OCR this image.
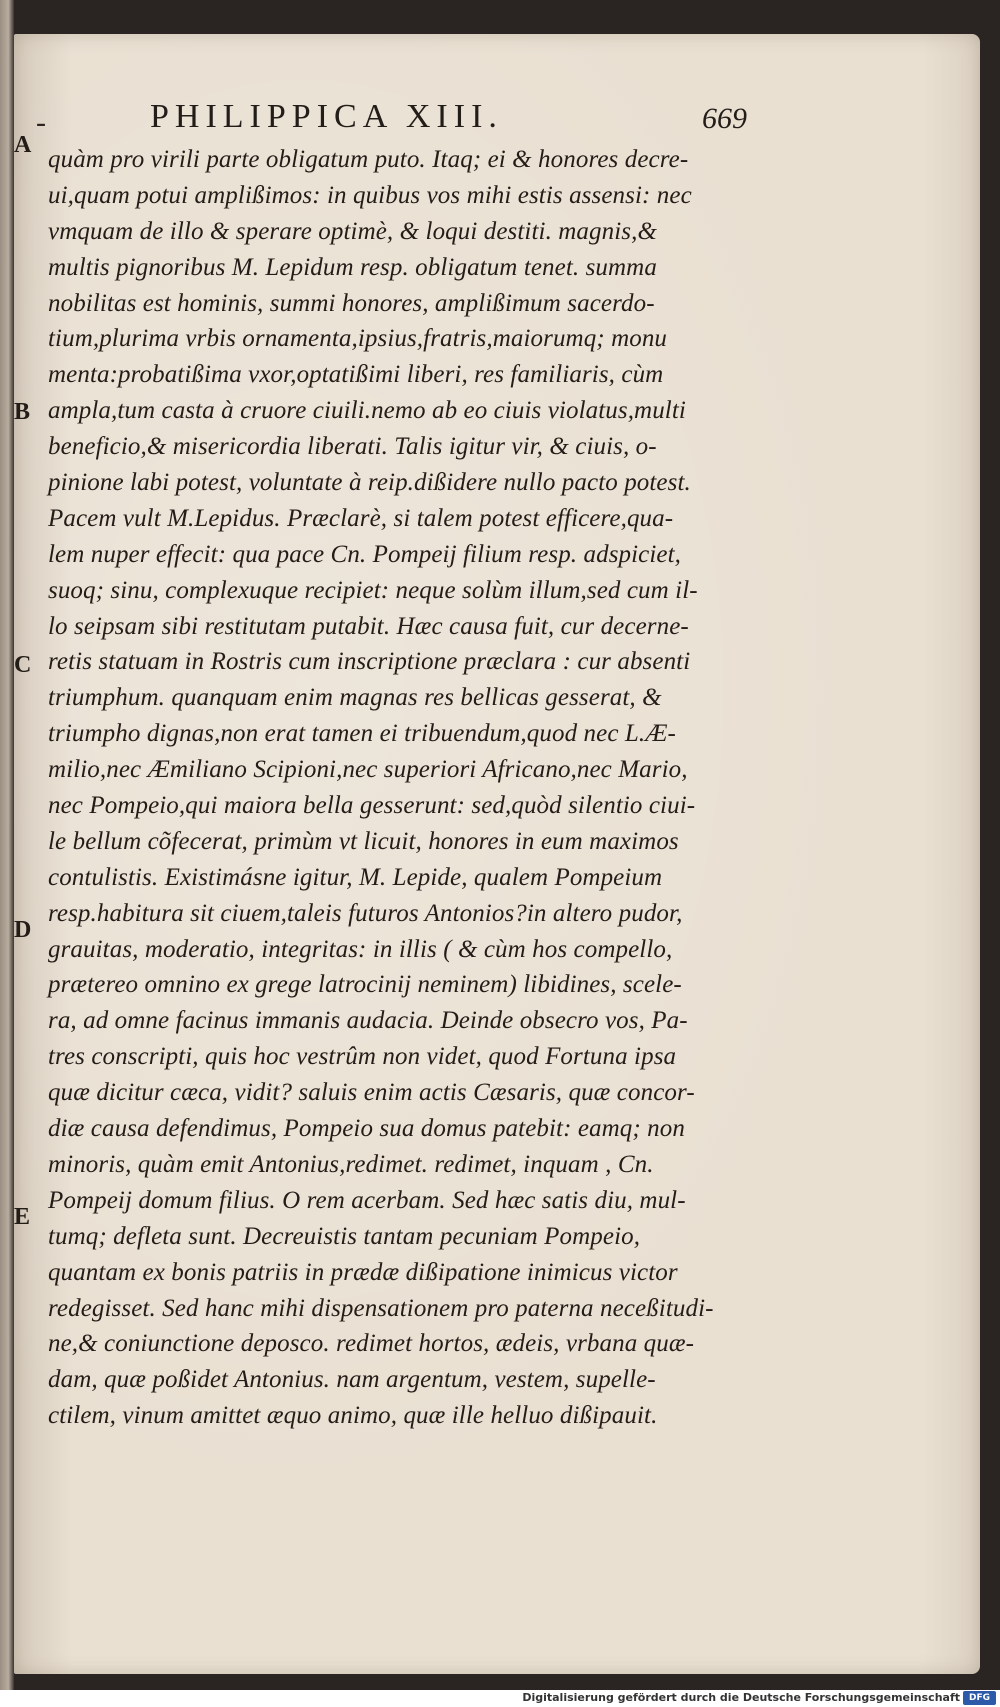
-	PHILIPPICA XIII.	669
A
B
C
D
E
quàm pro virili parte obligatum puto. Itaq; ei & honores decre-
ui,quam potui amplißimos: in quibus vos mihi estis assensi: nec
vmquam de illo & sperare optimè, & loqui destiti. magnis,&
multis pignoribus M. Lepidum resp. obligatum tenet. summa
nobilitas est hominis, summi honores, amplißimum sacerdo-
tium,plurima vrbis ornamenta,ipsius,fratris,maiorumq; monu
menta:probatißima vxor,optatißimi liberi, res familiaris, cùm
ampla,tum casta à cruore ciuili.nemo ab eo ciuis violatus,multi
beneficio,& misericordia liberati. Talis igitur vir, & ciuis, o-
pinione labi potest, voluntate à reip.dißidere nullo pacto potest.
Pacem vult M.Lepidus. Præclarè, si talem potest efficere,qua-
lem nuper effecit: qua pace Cn. Pompeij filium resp. adspiciet,
suoq; sinu, complexuque recipiet: neque solùm illum,sed cum il-
lo seipsam sibi restitutam putabit. Hæc causa fuit, cur decerne-
retis statuam in Rostris cum inscriptione præclara : cur absenti
triumphum. quanquam enim magnas res bellicas gesserat, &
triumpho dignas,non erat tamen ei tribuendum,quod nec L.Æ-
milio,nec Æmiliano Scipioni,nec superiori Africano,nec Mario,
nec Pompeio,qui maiora bella gesserunt: sed,quòd silentio ciui-
le bellum cõfecerat, primùm vt licuit, honores in eum maximos
contulistis. Existimásne igitur, M. Lepide, qualem Pompeium
resp.habitura sit ciuem,taleis futuros Antonios?in altero pudor,
grauitas, moderatio, integritas: in illis ( & cùm hos compello,
prætereo omnino ex grege latrocinij neminem) libidines, scele-
ra, ad omne facinus immanis audacia. Deinde obsecro vos, Pa-
tres conscripti, quis hoc vestrûm non videt, quod Fortuna ipsa
quæ dicitur cæca, vidit? saluis enim actis Cæsaris, quæ concor-
diæ causa defendimus, Pompeio sua domus patebit: eamq; non
minoris, quàm emit Antonius,redimet. redimet, inquam , Cn.
Pompeij domum filius. O rem acerbam. Sed hæc satis diu, mul-
tumq; defleta sunt. Decreuistis tantam pecuniam Pompeio,
quantam ex bonis patriis in prædæ dißipatione inimicus victor
redegisset. Sed hanc mihi dispensationem pro paterna neceßitudi-
ne,& coniunctione deposco. redimet hortos, ædeis, vrbana quæ-
dam, quæ poßidet Antonius. nam argentum, vestem, supelle-
ctilem, vinum amittet æquo animo, quæ ille helluo dißipauit.
Digitalisierung gefördert durch die Deutsche Forschungsgemeinschaft DFG
